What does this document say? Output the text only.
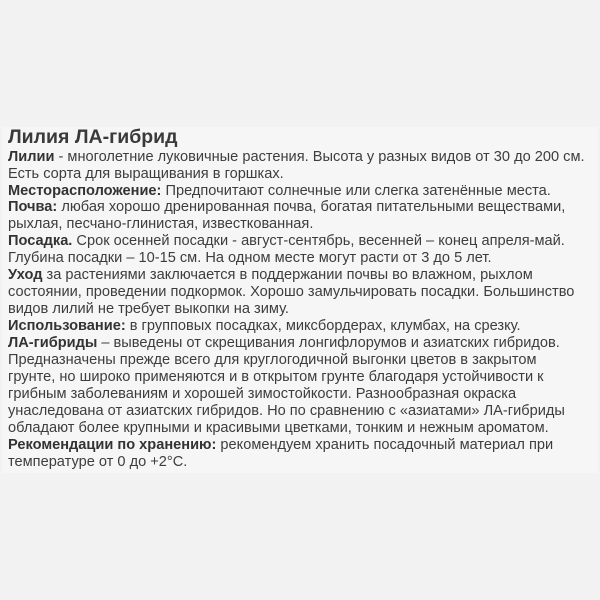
Лилия ЛА-гибрид
Лилии - многолетние луковичные растения. Высота у разных видов от 30 до 200 см.
Есть сорта для выращивания в горшках.
Месторасположение: Предпочитают солнечные или слегка затенённые места.
Почва: любая хорошо дренированная почва, богатая питательными веществами,
рыхлая, песчано-глинистая, известкованная.
Посадка. Срок осенней посадки - август-сентябрь, весенней – конец апреля-май.
Глубина посадки – 10-15 см. На одном месте могут расти от 3 до 5 лет.
Уход за растениями заключается в поддержании почвы во влажном, рыхлом
состоянии, проведении подкормок. Хорошо замульчировать посадки. Большинство
видов лилий не требует выкопки на зиму.
Использование: в групповых посадках, миксбордерах, клумбах, на срезку.
ЛА-гибриды – выведены от скрещивания лонгифлорумов и азиатских гибридов.
Предназначены прежде всего для круглогодичной выгонки цветов в закрытом
грунте, но широко применяются и в открытом грунте благодаря устойчивости к
грибным заболеваниям и хорошей зимостойкости. Разнообразная окраска
унаследована от азиатских гибридов. Но по сравнению с «азиатами» ЛА-гибриды
обладают более крупными и красивыми цветками, тонким и нежным ароматом.
Рекомендации по хранению: рекомендуем хранить посадочный материал при
температуре от 0 до +2°С.
